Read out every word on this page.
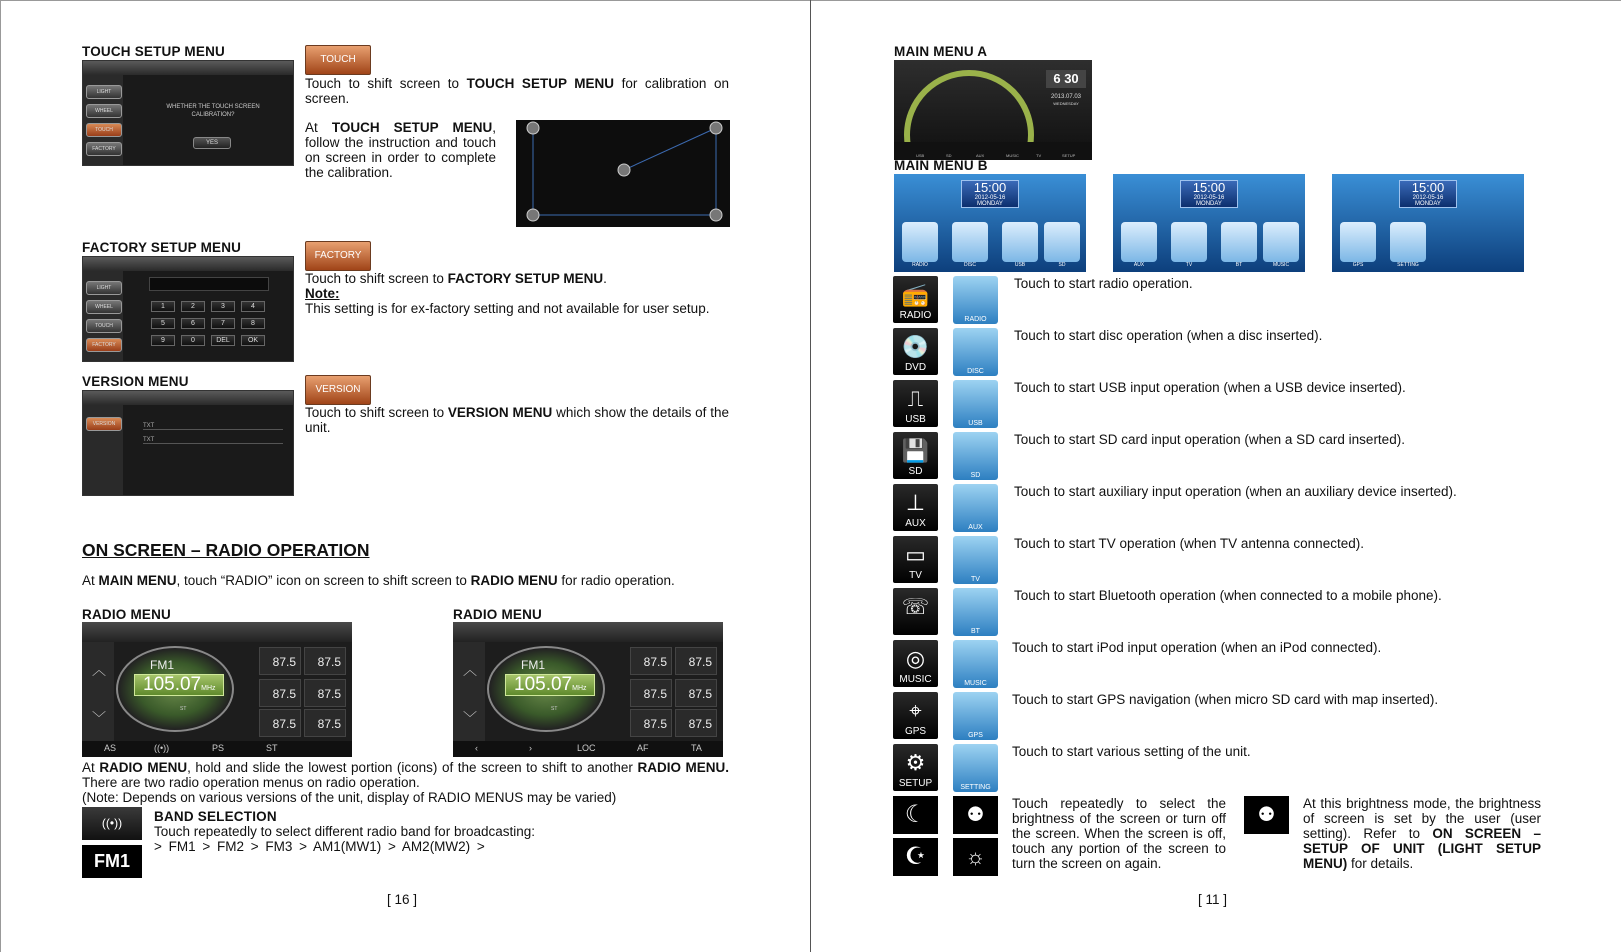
TOUCH SETUP MENU
LIGHT
WHEEL
TOUCH
FACTORY
WHETHER THE TOUCH SCREEN CALIBRATION?
YES
TOUCH
Touch to shift screen to TOUCH SETUP MENU for calibration on screen.
At TOUCH SETUP MENU, follow the instruction and touch on screen in order to complete the calibration.
FACTORY SETUP MENU
LIGHT
WHEEL
TOUCH
FACTORY
1	2	3	4
5	6	7	8
9	0	DEL	OK
FACTORY
Touch to shift screen to FACTORY SETUP MENU.
Note:
This setting is for ex-factory setting and not available for user setup.
VERSION MENU
VERSION	TXT
TXT
VERSION
Touch to shift screen to VERSION MENU which show the details of the unit.
ON SCREEN – RADIO OPERATION
At MAIN MENU, touch “RADIO” icon on screen to shift screen to RADIO MENU for radio operation.
RADIO MENU	RADIO MENU
︿
﹀
FM1
105.07MHz
ST
87.5	87.5
87.5	87.5
87.5	87.5
AS	((•))	PS	ST
︿
﹀
FM1
105.07MHz
ST
87.5	87.5
87.5	87.5
87.5	87.5
‹	›	LOC	AF	TA
At RADIO MENU, hold and slide the lowest portion (icons) of the screen to shift to another RADIO MENU. There are two radio operation menus on radio operation.
(Note: Depends on various versions of the unit, display of RADIO MENUS may be varied)
((•))
FM1
BAND SELECTION
Touch repeatedly to select different radio band for broadcasting:
> FM1 > FM2 > FM3 > AM1(MW1) > AM2(MW2) >
[ 16 ]
MAIN MENU A
6 30
2013.07.03
WEDNESDAY
USB	SD	AUX	MUSIC	TV	SETUP
MAIN MENU B
15:00
2012-05-16
MONDAY
RADIO	DISC	USB	SD
15:00
2012-05-16
MONDAY
AUX	TV	BT	MUSIC
15:00
2012-05-16
MONDAY
GPS	SETTING
📻
RADIO	RADIO
Touch to start radio operation.
💿
DVD	DISC
Touch to start disc operation (when a disc inserted).
⎍
USB	USB
Touch to start USB input operation (when a USB device inserted).
💾
SD	SD
Touch to start SD card input operation (when a SD card inserted).
⊥
AUX	AUX
Touch to start auxiliary input operation (when an auxiliary device inserted).
▭
TV	TV
Touch to start TV operation (when TV antenna connected).
☏
BT
Touch to start Bluetooth operation (when connected to a mobile phone).
◎
MUSIC	MUSIC
Touch to start iPod input operation (when an iPod connected).
⌖
GPS	GPS
Touch to start GPS navigation (when micro SD card with map inserted).
⚙
SETUP	SETTING
Touch to start various setting of the unit.
☾
☪
⚉
☼
Touch repeatedly to select the brightness of the screen or turn off the screen. When the screen is off, touch any portion of the screen to turn the screen on again.
⚉
At this brightness mode, the brightness of screen is set by the user (user setting). Refer to ON SCREEN – SETUP OF UNIT (LIGHT SETUP MENU) for details.
[ 11 ]
